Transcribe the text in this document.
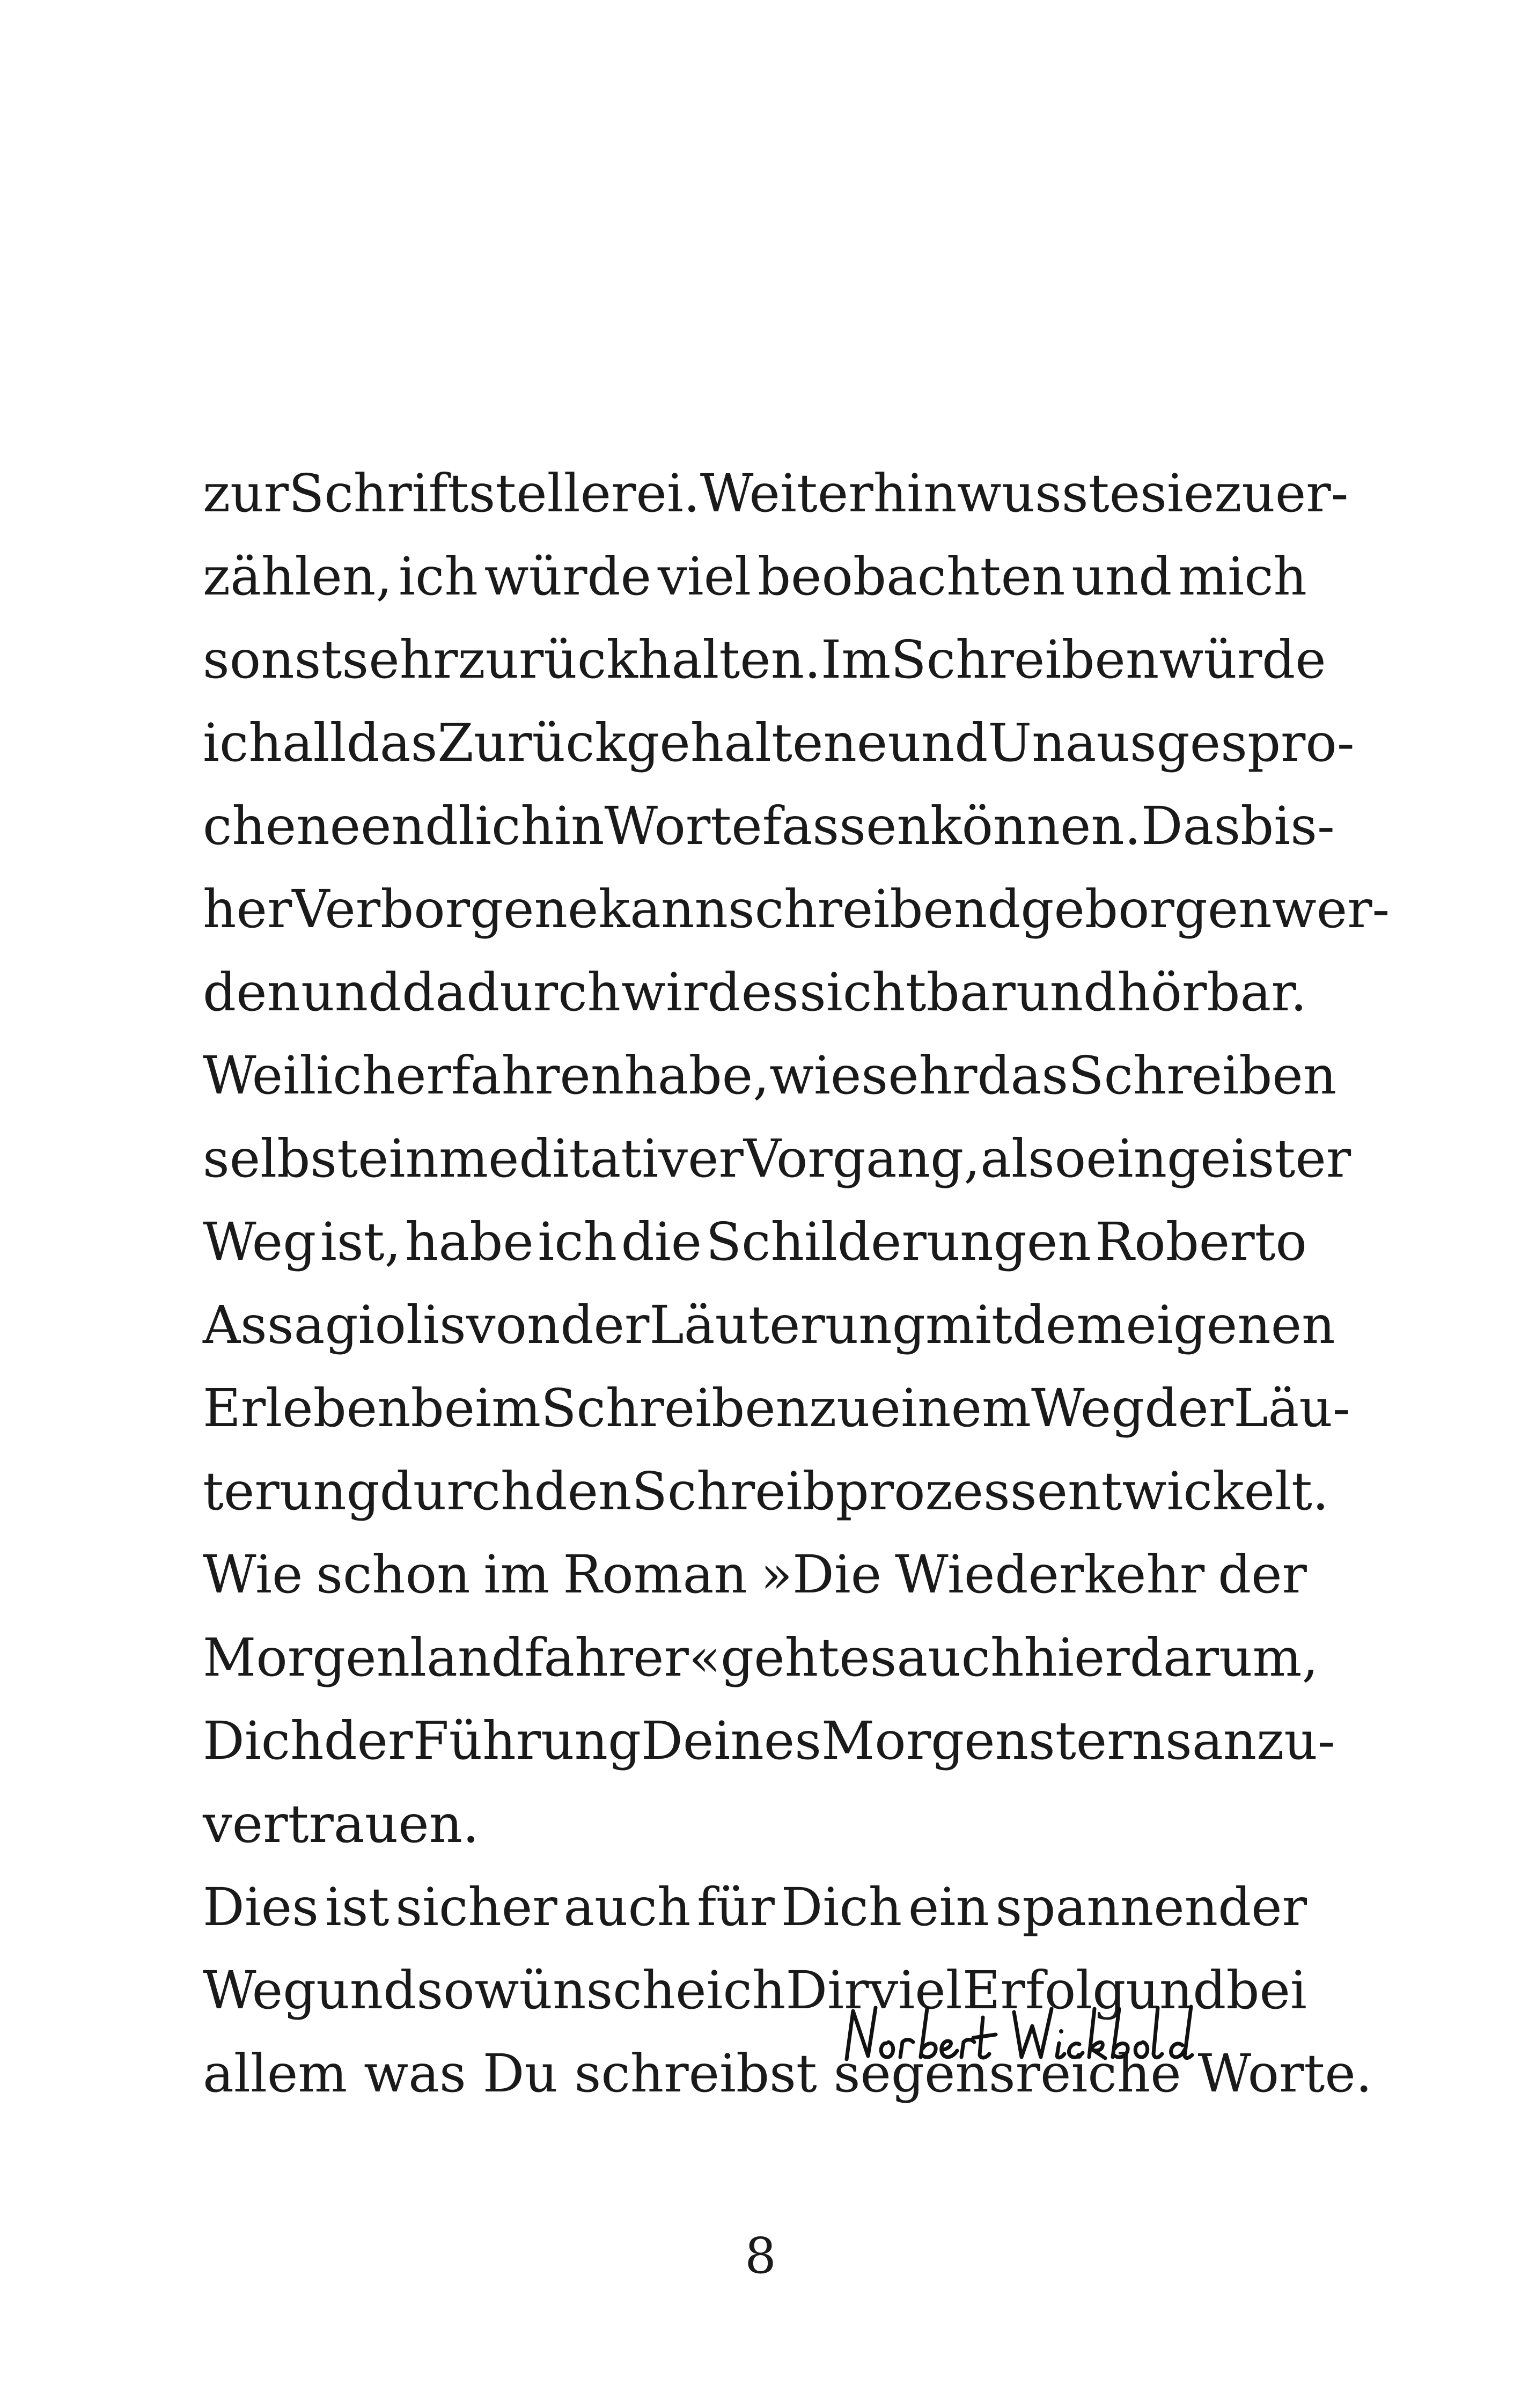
zur Schriftstellerei. Weiterhin wusste sie zu er-
zählen, ich würde viel beobachten und mich
sonst sehr zurückhalten. Im Schreiben würde
ich all das Zurückgehaltene und Unausgespro-
chene endlich in Worte fassen können. Das bis-
her Verborgene kann schreibend geborgen wer-
den und dadurch wird es sichtbar und hörbar.
Weil ich erfahren habe, wie sehr das Schreiben
selbst ein meditativer Vorgang, also ein geister
Weg ist, habe ich die Schilderungen Roberto
Assagiolis von der Läuterung mit dem eigenen
Erleben beim Schreiben zu einem Weg der Läu-
terung durch den Schreibprozess entwickelt.
Wie schon im Roman »Die Wiederkehr der
Morgenlandfahrer« geht es auch hier darum,
Dich der Führung Deines Morgensterns anzu-
vertrauen.
Dies ist sicher auch für Dich ein spannender
Weg und so wünsche ich Dir viel Erfolg und bei
allem was Du schreibst segensreiche Worte.
8
